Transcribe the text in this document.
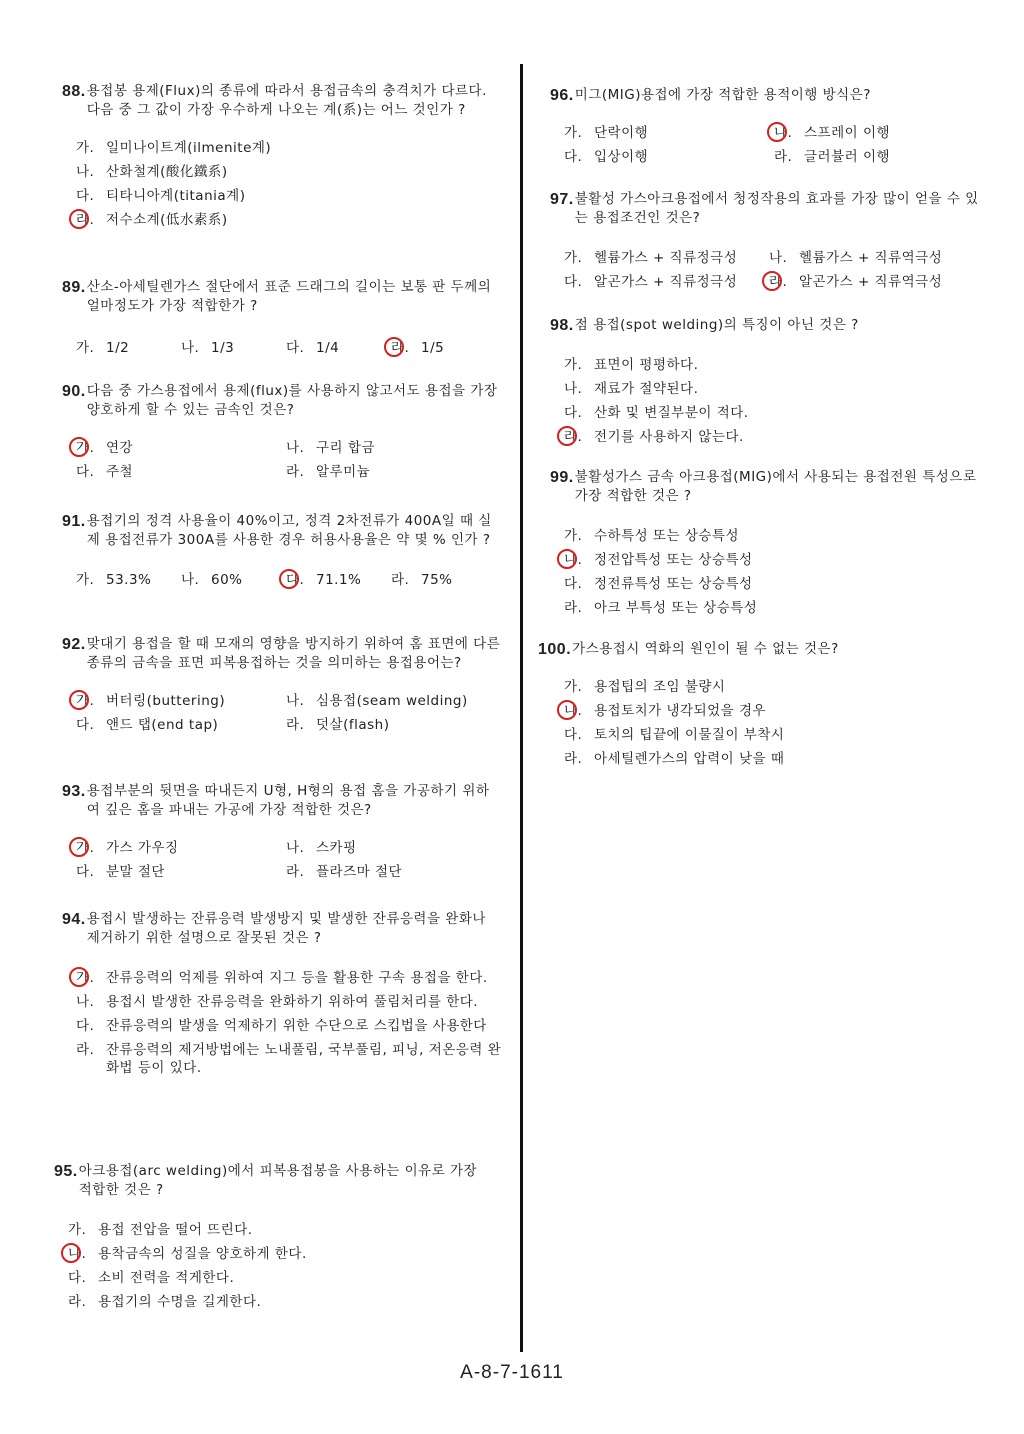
88. 용접봉 용제(Flux)의 종류에 따라서 용접금속의 충격치가 다르다. 다음 중 그 값이 가장 우수하게 나오는 계(系)는 어느 것인가 ?
가. 일미나이트계(ilmenite계)
나. 산화철계(酸化鐵系)
다. 티타니아계(titania계)
라. 저수소계(低水素系)
89. 산소-아세틸렌가스 절단에서 표준 드래그의 길이는 보통 판 두께의 얼마정도가 가장 적합한가 ?
가. 1/2	나. 1/3	다. 1/4	라. 1/5
90. 다음 중 가스용접에서 용제(flux)를 사용하지 않고서도 용접을 가장 양호하게 할 수 있는 금속인 것은?
가. 연강	나. 구리 합금
다. 주철	라. 알루미늄
91. 용접기의 정격 사용율이 40%이고, 정격 2차전류가 400A일 때 실제 용접전류가 300A를 사용한 경우 허용사용율은 약 몇 % 인가 ?
가. 53.3%	나. 60%	다. 71.1%	라. 75%
92. 맞대기 용접을 할 때 모재의 영향을 방지하기 위하여 홈 표면에 다른 종류의 금속을 표면 피복용접하는 것을 의미하는 용접용어는?
가. 버터링(buttering)	나. 심용접(seam welding)
다. 앤드 탭(end tap)	라. 덧살(flash)
93. 용접부분의 뒷면을 따내든지 U형, H형의 용접 홈을 가공하기 위하여 깊은 홈을 파내는 가공에 가장 적합한 것은?
가. 가스 가우징	나. 스카핑
다. 분말 절단	라. 플라즈마 절단
94. 용접시 발생하는 잔류응력 발생방지 및 발생한 잔류응력을 완화나 제거하기 위한 설명으로 잘못된 것은 ?
가. 잔류응력의 억제를 위하여 지그 등을 활용한 구속 용접을 한다.
나. 용접시 발생한 잔류응력을 완화하기 위하여 풀림처리를 한다.
다. 잔류응력의 발생을 억제하기 위한 수단으로 스킵법을 사용한다
라. 잔류응력의 제거방법에는 노내풀림, 국부풀림, 피닝, 저온응력 완화법 등이 있다.
95. 아크용접(arc welding)에서 피복용접봉을 사용하는 이유로 가장 적합한 것은 ?
가. 용접 전압을 떨어 뜨린다.
나. 용착금속의 성질을 양호하게 한다.
다. 소비 전력을 적게한다.
라. 용접기의 수명을 길게한다.
96. 미그(MIG)용접에 가장 적합한 용적이행 방식은?
가. 단락이행	나. 스프레이 이행
다. 입상이행	라. 글러뷸러 이행
97. 불활성 가스아크용접에서 청정작용의 효과를 가장 많이 얻을 수 있는 용접조건인 것은?
가. 헬륨가스 + 직류정극성	나. 헬륨가스 + 직류역극성
다. 알곤가스 + 직류정극성	라. 알곤가스 + 직류역극성
98. 점 용접(spot welding)의 특징이 아닌 것은 ?
가. 표면이 평평하다.
나. 재료가 절약된다.
다. 산화 및 변질부분이 적다.
라. 전기를 사용하지 않는다.
99. 불활성가스 금속 아크용접(MIG)에서 사용되는 용접전원 특성으로 가장 적합한 것은 ?
가. 수하특성 또는 상승특성
나. 정전압특성 또는 상승특성
다. 정전류특성 또는 상승특성
라. 아크 부특성 또는 상승특성
100. 가스용접시 역화의 원인이 될 수 없는 것은?
가. 용접팁의 조임 불량시
나. 용접토치가 냉각되었을 경우
다. 토치의 팁끝에 이물질이 부착시
라. 아세틸렌가스의 압력이 낮을 때
A-8-7-1611
